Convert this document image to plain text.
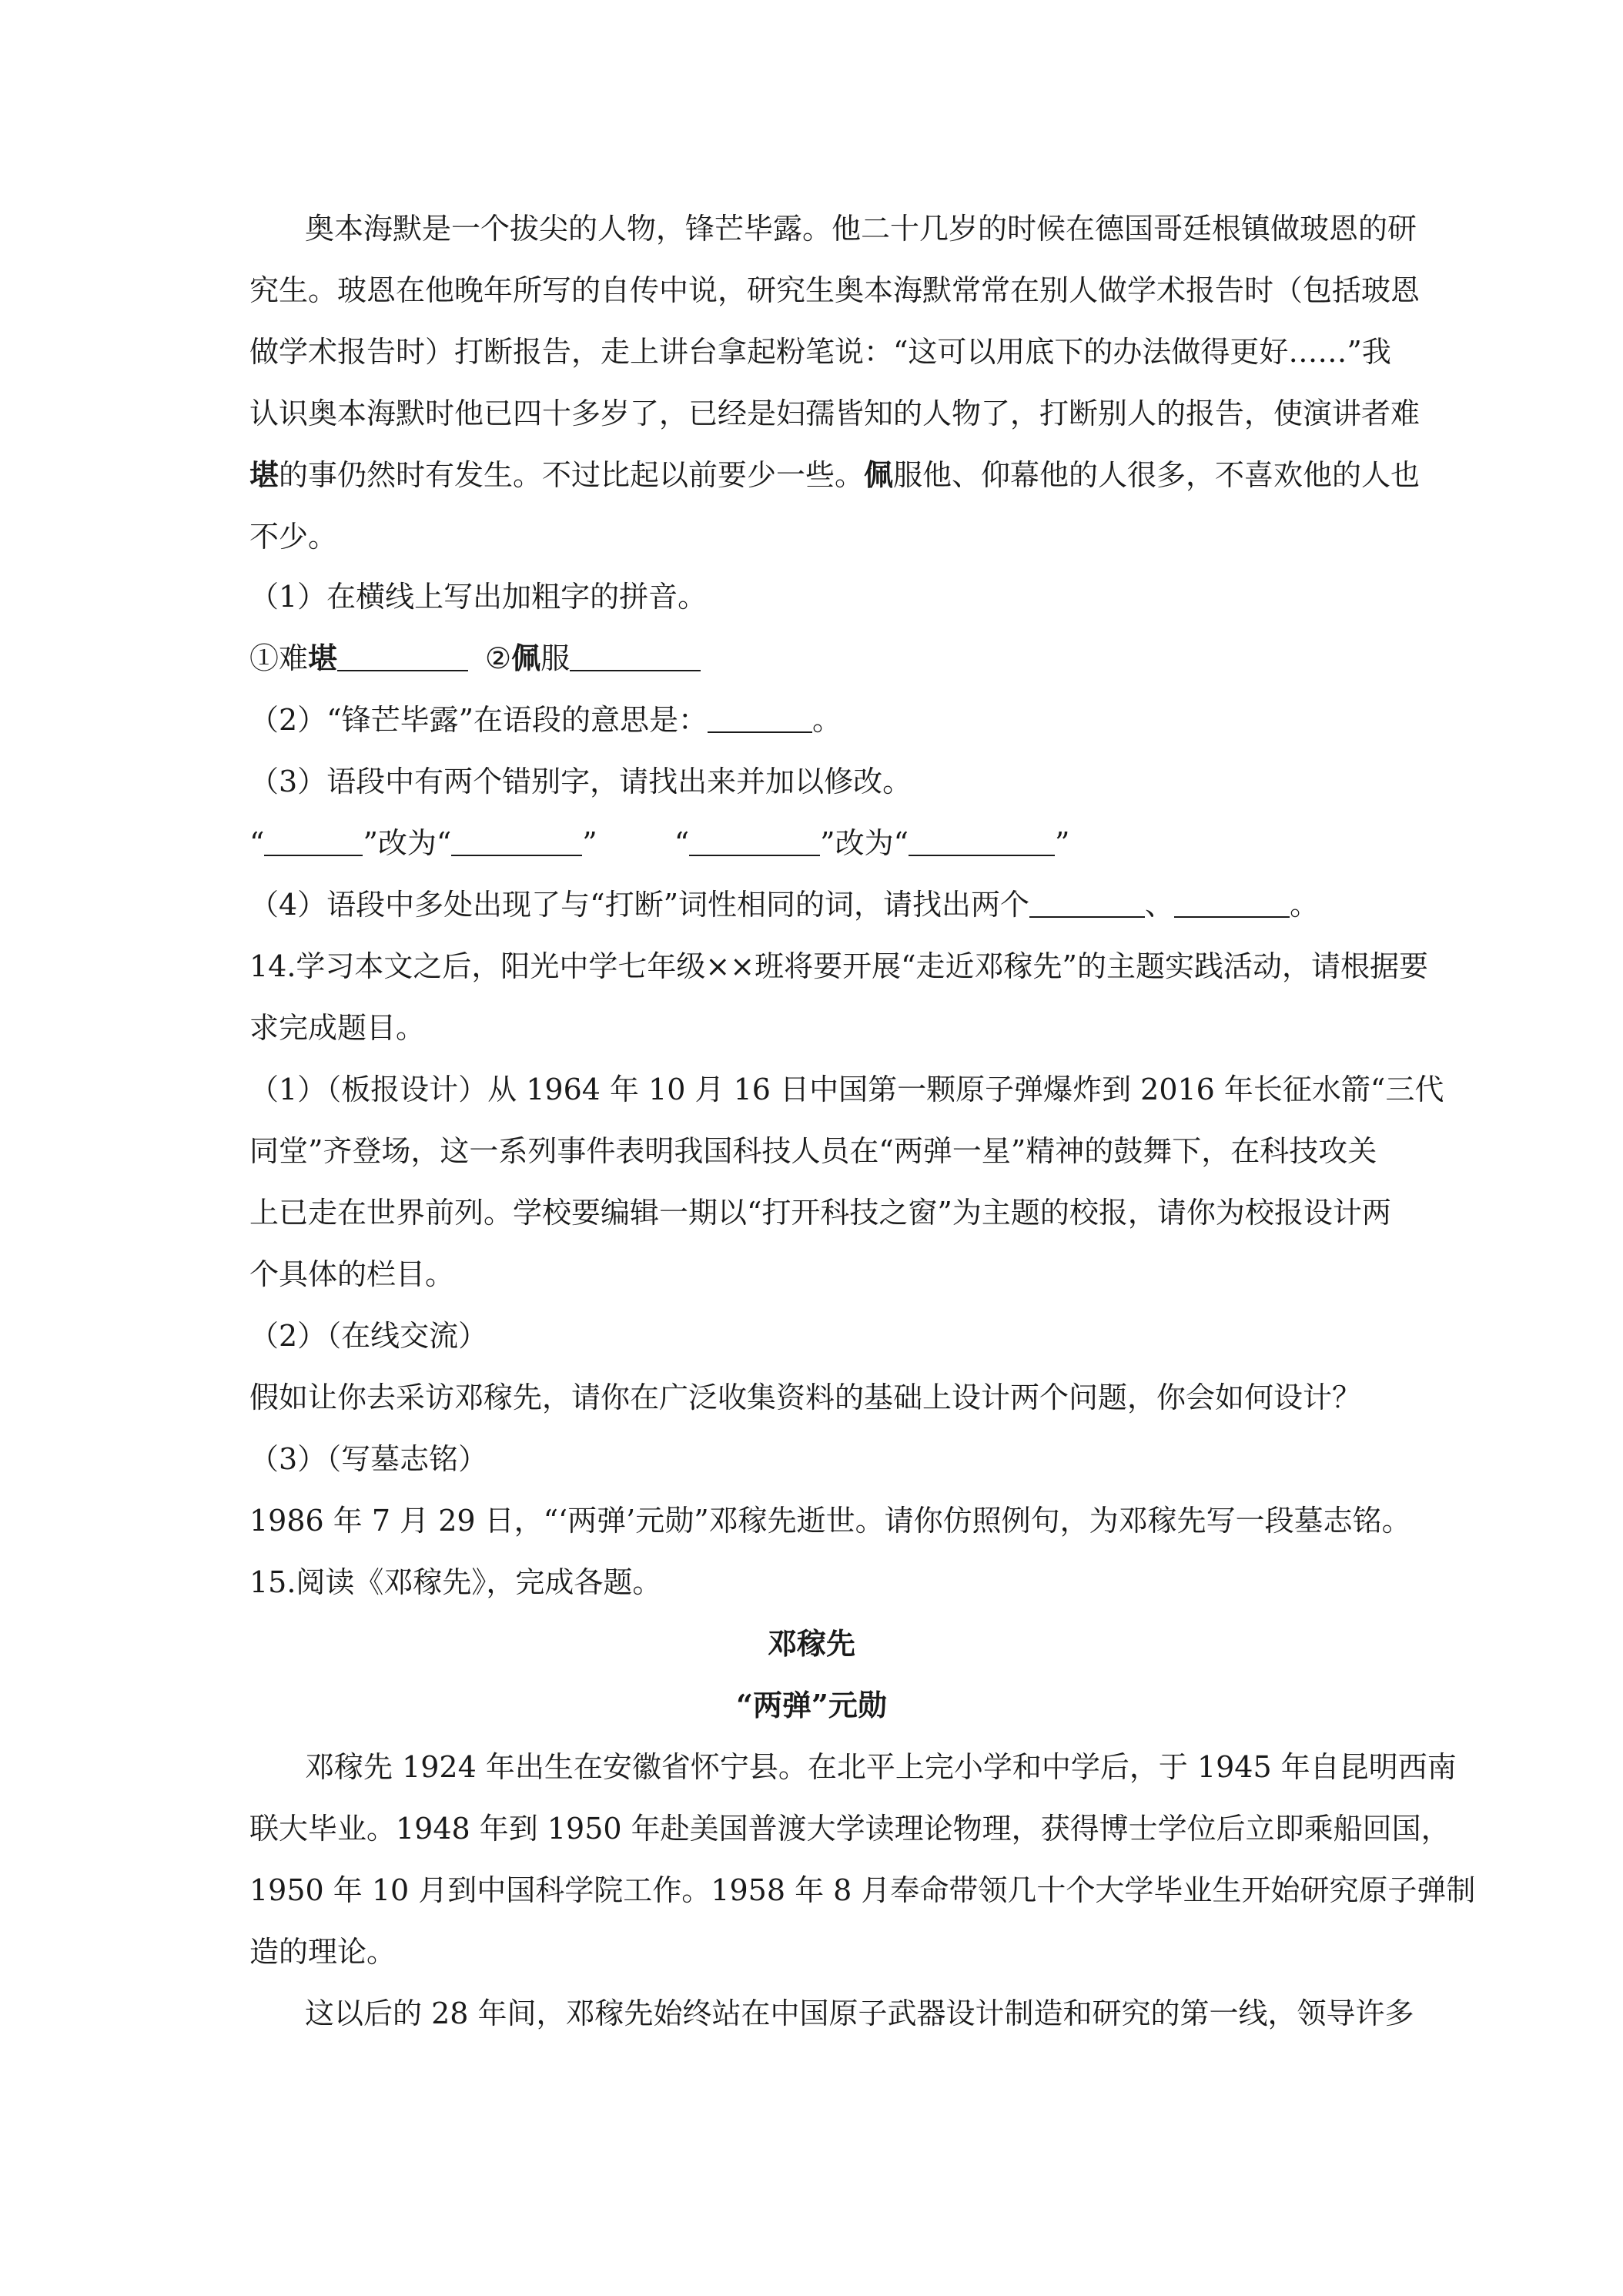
奥本海默是一个拔尖的人物，锋芒毕露。他二十几岁的时候在德国哥廷根镇做玻恩的研
究生。玻恩在他晚年所写的自传中说，研究生奥本海默常常在别人做学术报告时（包括玻恩
做学术报告时）打断报告，走上讲台拿起粉笔说：“这可以用底下的办法做得更好……”我
认识奥本海默时他已四十多岁了，已经是妇孺皆知的人物了，打断别人的报告，使演讲者难
堪的事仍然时有发生。不过比起以前要少一些。佩服他、仰幕他的人很多，不喜欢他的人也
不少。
（1）在横线上写出加粗字的拼音。
①难堪	②佩服
（2）“锋芒毕露”在语段的意思是：	。
（3）语段中有两个错别字，请找出来并加以修改。
“	”改为“	”	“	”改为“	”
（4）语段中多处出现了与“打断”词性相同的词，请找出两个	、	。
14.学习本文之后，阳光中学七年级××班将要开展“走近邓稼先”的主题实践活动，请根据要
求完成题目。
（1）（板报设计）从 1964 年 10 月 16 日中国第一颗原子弹爆炸到 2016 年长征水箭“三代
同堂”齐登场，这一系列事件表明我国科技人员在“两弹一星”精神的鼓舞下，在科技攻关
上已走在世界前列。学校要编辑一期以“打开科技之窗”为主题的校报，请你为校报设计两
个具体的栏目。
（2）（在线交流）
假如让你去采访邓稼先，请你在广泛收集资料的基础上设计两个问题，你会如何设计？
（3）（写墓志铭）
1986 年 7 月 29 日，“‘两弹’元勋”邓稼先逝世。请你仿照例句，为邓稼先写一段墓志铭。
15.阅读《邓稼先》，完成各题。
邓稼先
“两弹”元勋
邓稼先 1924 年出生在安徽省怀宁县。在北平上完小学和中学后，于 1945 年自昆明西南
联大毕业。1948 年到 1950 年赴美国普渡大学读理论物理，获得博士学位后立即乘船回国，
1950 年 10 月到中国科学院工作。1958 年 8 月奉命带领几十个大学毕业生开始研究原子弹制
造的理论。
这以后的 28 年间，邓稼先始终站在中国原子武器设计制造和研究的第一线，领导许多
